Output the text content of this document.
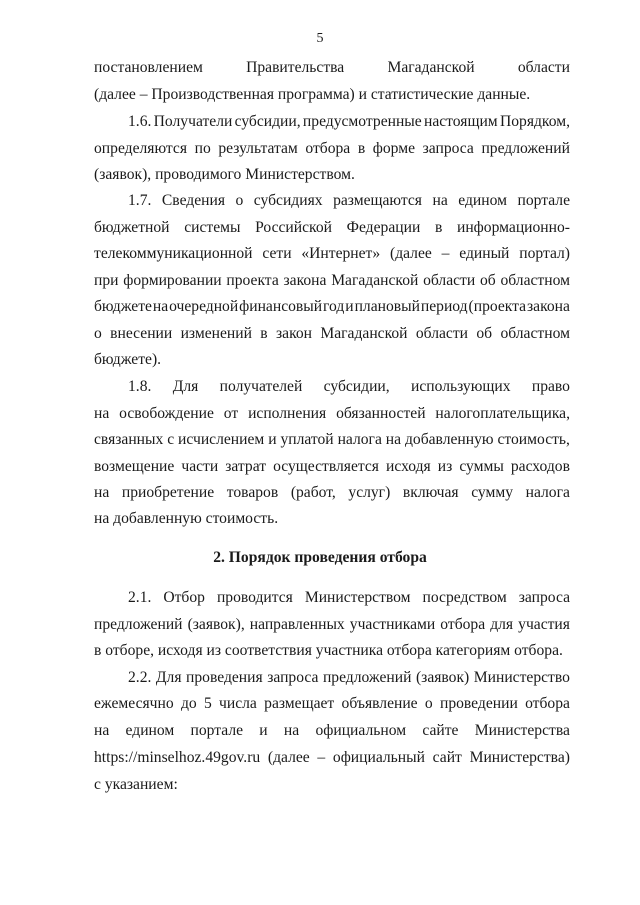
5
постановлением	Правительства	Магаданской	области
(далее – Производственная программа) и статистические данные.
1.6. Получатели субсидии, предусмотренные настоящим Порядком,
определяются по результатам отбора в форме запроса предложений
(заявок), проводимого Министерством.
1.7. Сведения о субсидиях размещаются на едином портале
бюджетной системы Российской Федерации в информационно-
телекоммуникационной сети «Интернет» (далее – единый портал)
при формировании проекта закона Магаданской области об областном
бюджете на очередной финансовый год и плановый период (проекта закона
о внесении изменений в закон Магаданской области об областном
бюджете).
1.8. Для получателей субсидии, использующих право
на освобождение от исполнения обязанностей налогоплательщика,
связанных с исчислением и уплатой налога на добавленную стоимость,
возмещение части затрат осуществляется исходя из суммы расходов
на приобретение товаров (работ, услуг) включая сумму налога
на добавленную стоимость.
2. Порядок проведения отбора
2.1. Отбор проводится Министерством посредством запроса
предложений (заявок), направленных участниками отбора для участия
в отборе, исходя из соответствия участника отбора категориям отбора.
2.2. Для проведения запроса предложений (заявок) Министерство
ежемесячно до 5 числа размещает объявление о проведении отбора
на едином портале и на официальном сайте Министерства
https://minselhoz.49gov.ru (далее – официальный сайт Министерства)
с указанием:
